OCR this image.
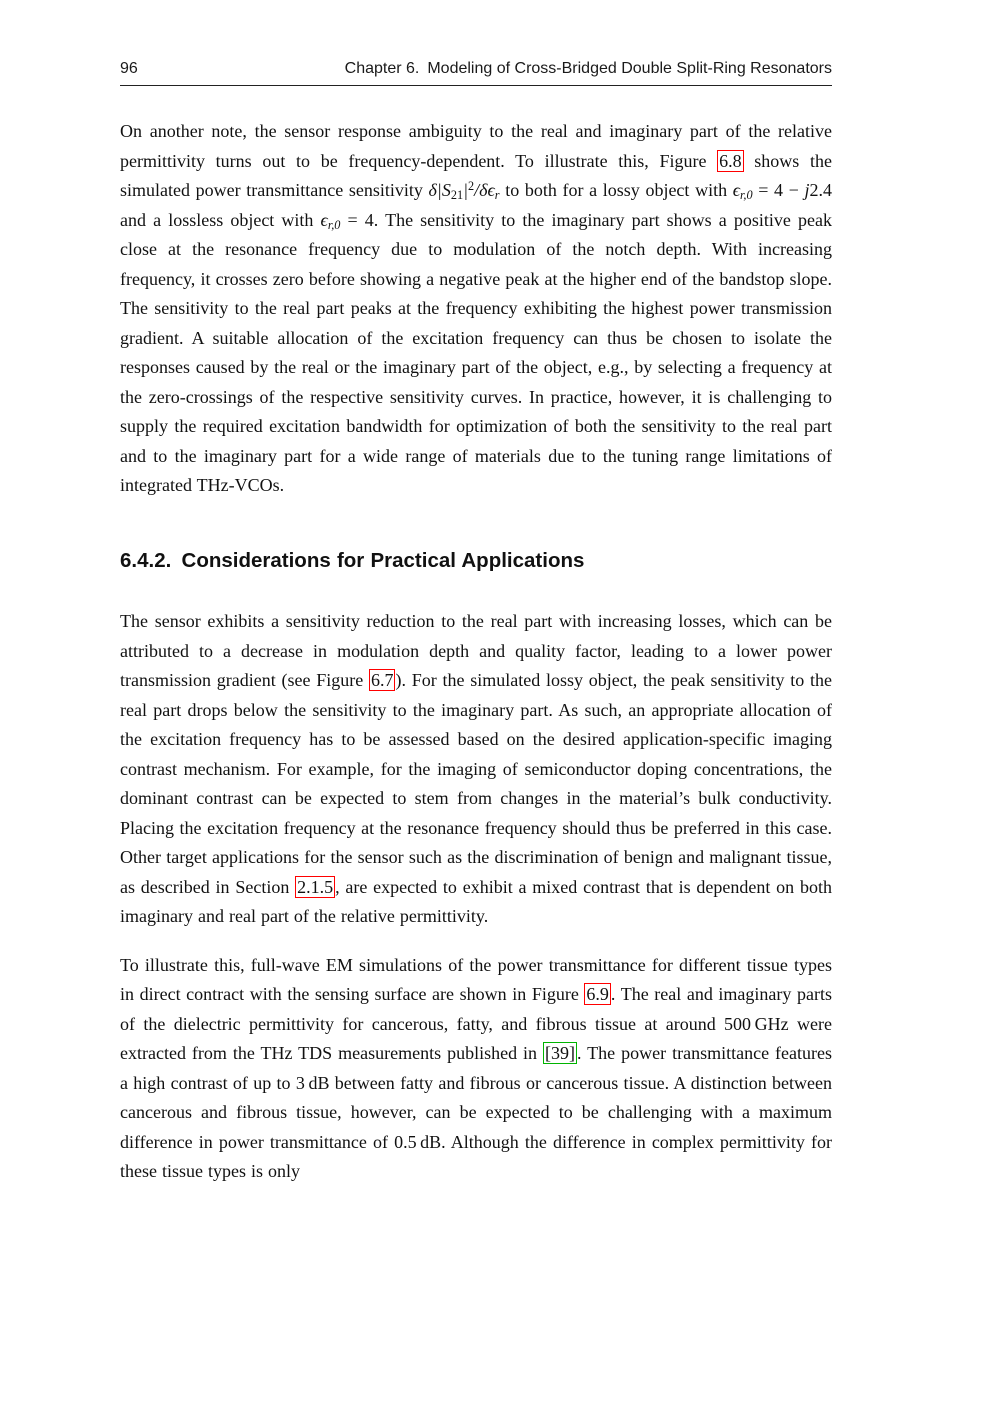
96	Chapter 6. Modeling of Cross-Bridged Double Split-Ring Resonators

On another note, the sensor response ambiguity to the real and imaginary part of the relative permittivity turns out to be frequency-dependent. To illustrate this, Figure 6.8 shows the simulated power transmittance sensitivity $\delta|S21|^2$/δϵr to both for a lossy object with ϵr,0 = 4 − j2.4 and a lossless object with ϵr,0 = 4. The sensitivity to the imaginary part shows a positive peak close at the resonance frequency due to modulation of the notch depth. With increasing frequency, it crosses zero before showing a negative peak at the higher end of the bandstop slope. The sensitivity to the real part peaks at the frequency exhibiting the highest power transmission gradient. A suitable allocation of the excitation frequency can thus be chosen to isolate the responses caused by the real or the imaginary part of the object, e.g., by selecting a frequency at the zero-crossings of the respective sensitivity curves. In practice, however, it is challenging to supply the required excitation bandwidth for optimization of both the sensitivity to the real part and to the imaginary part for a wide range of materials due to the tuning range limitations of integrated THz-VCOs.

6.4.2. Considerations for Practical Applications

The sensor exhibits a sensitivity reduction to the real part with increasing losses, which can be attributed to a decrease in modulation depth and quality factor, leading to a lower power transmission gradient (see Figure 6.7 ). For the simulated lossy object, the peak sensitivity to the real part drops below the sensitivity to the imaginary part. As such, an appropriate allocation of the excitation frequency has to be assessed based on the desired application-specific imaging contrast mechanism. For example, for the imaging of semiconductor doping concentrations, the dominant contrast can be expected to stem from changes in the material’s bulk conductivity. Placing the excitation frequency at the resonance frequency should thus be preferred in this case. Other target applications for the sensor such as the discrimination of benign and malignant tissue, as described in Section 2.1.5 , are expected to exhibit a mixed contrast that is dependent on both imaginary and real part of the relative permittivity.

To illustrate this, full-wave EM simulations of the power transmittance for different tissue types in direct contract with the sensing surface are shown in Figure 6.9 . The real and imaginary parts of the dielectric permittivity for cancerous, fatty, and fibrous tissue at around 500 GHz were extracted from the THz TDS measurements published in [39] . The power transmittance features a high contrast of up to 3 dB between fatty and fibrous or cancerous tissue. A distinction between cancerous and fibrous tissue, however, can be expected to be challenging with a maximum difference in power transmittance of 0.5 dB. Although the difference in complex permittivity for these tissue types is only
